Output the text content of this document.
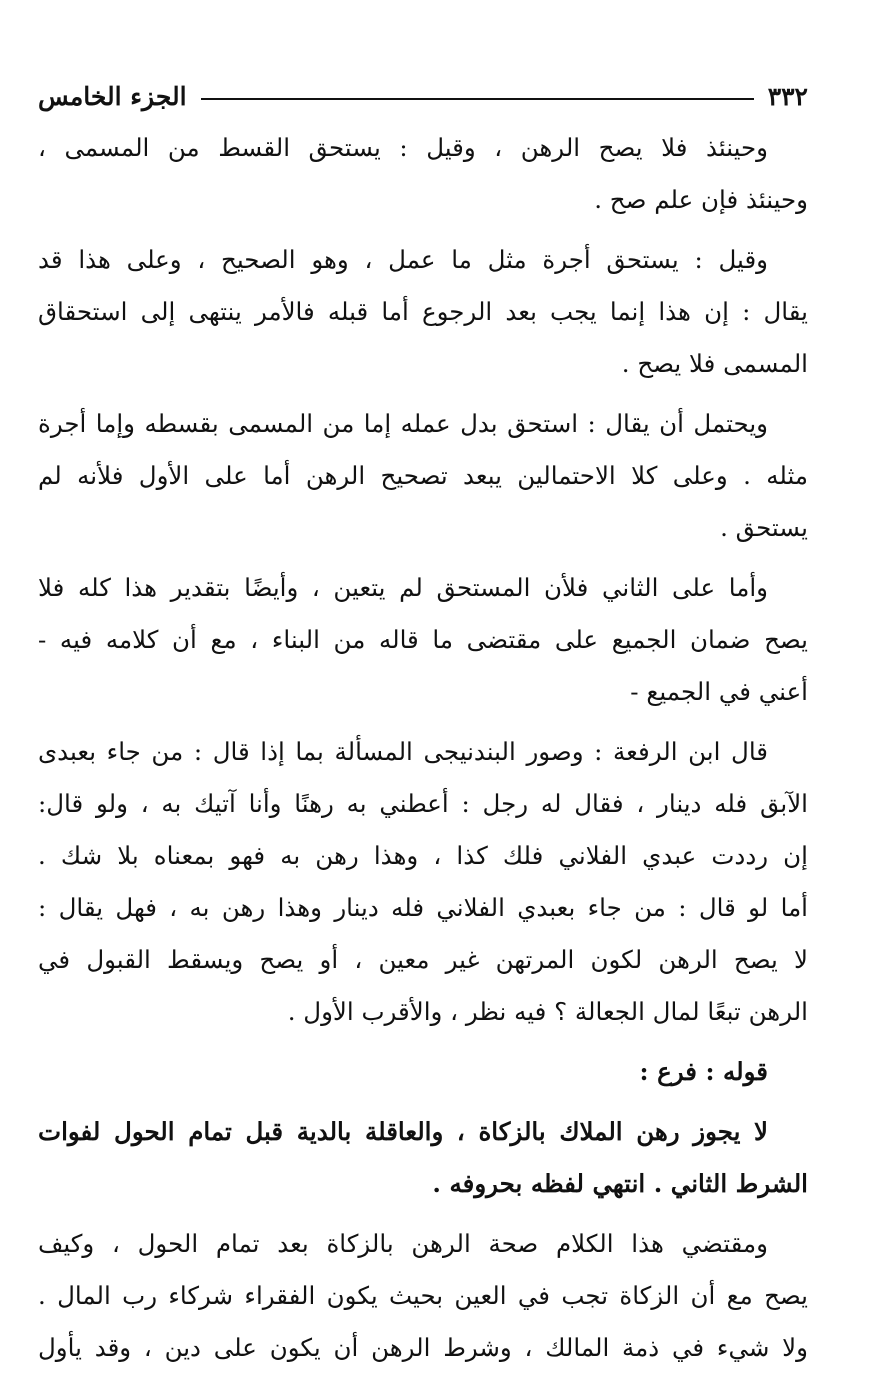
٣٣٢
الجزء الخامس
وحينئذ فلا يصح الرهن ، وقيل : يستحق القسط من المسمى ،
وحينئذ فإن علم صح .
وقيل : يستحق أجرة مثل ما عمل ، وهو الصحيح ، وعلى هذا قد
يقال : إن هذا إنما يجب بعد الرجوع أما قبله فالأمر ينتهى إلى استحقاق
المسمى فلا يصح .
ويحتمل أن يقال : استحق بدل عمله إما من المسمى بقسطه وإما أجرة
مثله . وعلى كلا الاحتمالين يبعد تصحيح الرهن أما على الأول فلأنه لم
يستحق .
وأما على الثاني فلأن المستحق لم يتعين ، وأيضًا بتقدير هذا كله فلا
يصح ضمان الجميع على مقتضى ما قاله من البناء ، مع أن كلامه فيه -
أعني في الجميع -
قال ابن الرفعة : وصور البندنيجى المسألة بما إذا قال : من جاء بعبدى
الآبق فله دينار ، فقال له رجل : أعطني به رهنًا وأنا آتيك به ، ولو قال:
إن رددت عبدي الفلاني فلك كذا ، وهذا رهن به فهو بمعناه بلا شك .
أما لو قال : من جاء بعبدي الفلاني فله دينار وهذا رهن به ، فهل يقال :
لا يصح الرهن لكون المرتهن غير معين ، أو يصح ويسقط القبول في
الرهن تبعًا لمال الجعالة ؟ فيه نظر ، والأقرب الأول .
قوله : فرع :
لا يجوز رهن الملاك بالزكاة ، والعاقلة بالدية قبل تمام الحول لفوات
الشرط الثاني . انتهي لفظه بحروفه .
ومقتضي هذا الكلام صحة الرهن بالزكاة بعد تمام الحول ، وكيف
يصح مع أن الزكاة تجب في العين بحيث يكون الفقراء شركاء رب المال .
ولا شيء في ذمة المالك ، وشرط الرهن أن يكون على دين ، وقد يأول
